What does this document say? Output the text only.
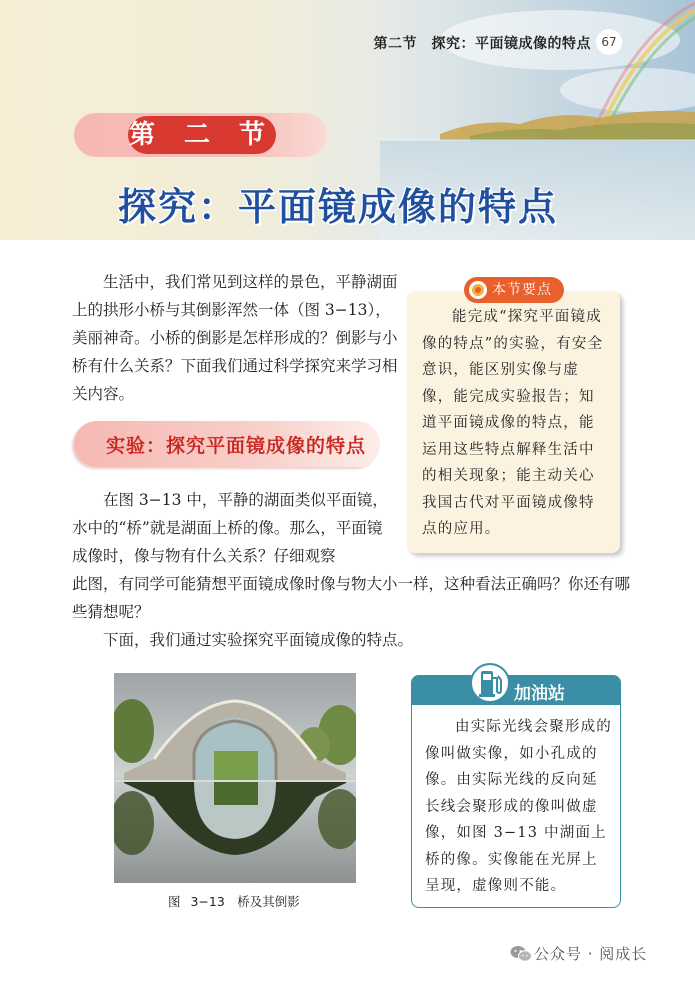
第二节　探究：平面镜成像的特点 67
第 二 节
探究：平面镜成像的特点

生活中，我们常见到这样的景色，平静湖面上的拱形小桥与其倒影浑然一体（图 3−13），美丽神奇。小桥的倒影是怎样形成的？倒影与小桥有什么关系？下面我们通过科学探究来学习相关内容。

本节要点

能完成“探究平面镜成像的特点”的实验，有安全意识，能区别实像与虚像，能完成实验报告；知道平面镜成像的特点，能运用这些特点解释生活中的相关现象；能主动关心我国古代对平面镜成像特点的应用。

实验：探究平面镜成像的特点

在图 3−13 中，平静的湖面类似平面镜，水中的“桥”就是湖面上桥的像。那么，平面镜成像时，像与物有什么关系？仔细观察

此图，有同学可能猜想平面镜成像时像与物大小一样，这种看法正确吗？你还有哪些猜想呢？

下面，我们通过实验探究平面镜成像的特点。

图 3−13　桥及其倒影
加油站

由实际光线会聚形成的像叫做实像，如小孔成的像。由实际光线的反向延长线会聚形成的像叫做虚像，如图 3−13 中湖面上桥的像。实像能在光屏上呈现，虚像则不能。

公众号 · 阅成长
